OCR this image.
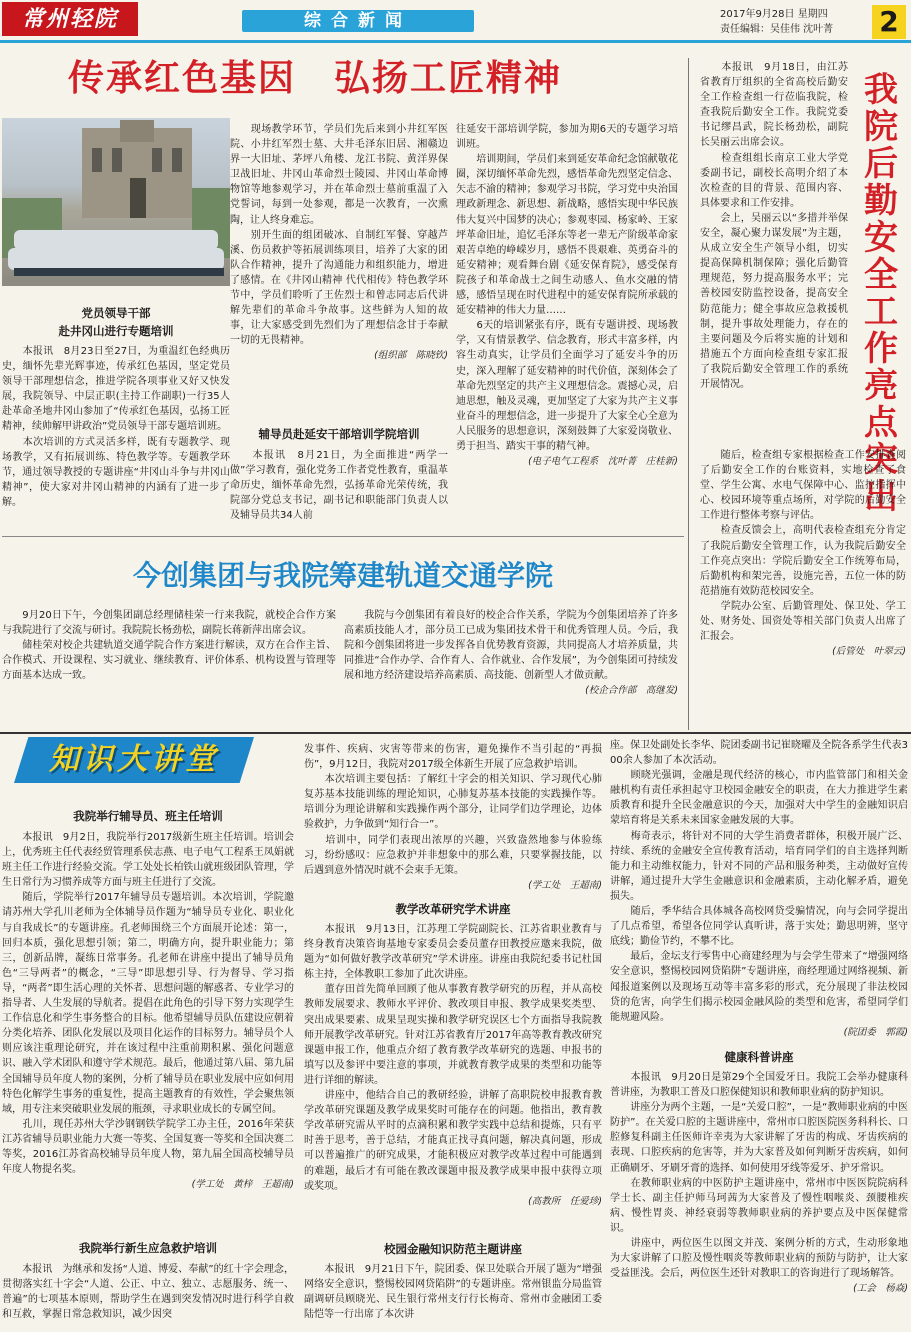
常州轻院	综合新闻	2017年9月28日 星期四
责任编辑：吴佳伟 沈叶菁 2
传承红色基因　弘扬工匠精神
党员领导干部
赴井冈山进行专题培训

　　本报讯　8月23日至27日，为重温红色经典历史，缅怀先辈光辉事迹，传承红色基因，坚定党员领导干部理想信念，推进学院各项事业又好又快发展，我院领导、中层正职(主持工作副职)一行35人赴革命圣地井冈山参加了“传承红色基因，弘扬工匠精神，续帅解甲讲政治”党员领导干部专题培训班。

　　本次培训的方式灵活多样，既有专题教学、现场教学，又有拓展训练、特色教学等。专题教学环节，通过领导教授的专题讲座“井冈山斗争与井冈山精神”，使大家对井冈山精神的内涵有了进一步了解。

　　现场教学环节，学员们先后来到小井红军医院、小井红军烈士墓、大井毛泽东旧居、湘赣边界一大旧址、茅坪八角楼、龙江书院、黄洋界保卫战旧址、井冈山革命烈士陵园、井冈山革命博物馆等地参观学习，并在革命烈士墓前重温了入党誓词，每到一处参观，都是一次教育，一次熏陶，让人终身难忘。

　　别开生面的组团破冰、自制红军餐、穿越芦溪、伤员救护等拓展训练项目，培养了大家的团队合作精神，提升了沟通能力和组织能力，增进了感情。在《井冈山精神 代代相传》特色教学环节中，学员们聆听了王佐烈士和曾志同志后代讲解先辈们的革命斗争故事。这些鲜为人知的故事，让大家感受到先烈们为了理想信念甘于奉献一切的无畏精神。

(组织部　陈晓钦)

辅导员赴延安干部培训学院培训

　　本报讯　8月21日，为全面推进“两学一做”学习教育，强化党务工作者党性教育，重温革命历史，缅怀革命先烈，弘扬革命光荣传统，我院部分党总支书记，副书记和职能部门负责人以及辅导员共34人前

往延安干部培训学院，参加为期6天的专题学习培训班。

　　培训期间，学员们来到延安革命纪念馆献敬花圈，深切缅怀革命先烈，感悟革命先烈坚定信念、矢志不渝的精神；参观学习书院，学习党中央治国理政新理念、新思想、新战略，感悟实现中华民族伟大复兴中国梦的决心；参观枣园、杨家岭、王家坪革命旧址，追忆毛泽东等老一辈无产阶级革命家艰苦卓绝的峥嵘岁月，感悟不畏艰难、英勇奋斗的延安精神；观看舞台剧《延安保育院》，感受保育院孩子和革命战士之间生动感人、鱼水交融的情感，感悟呈现在时代进程中的延安保育院所承载的延安精神的伟大力量……

　　6天的培训紧张有序，既有专题讲授、现场教学，又有情景教学、信念教育，形式丰富多样，内容生动真实，让学员们全面学习了延安斗争的历史，深入理解了延安精神的时代价值，深刻体会了革命先烈坚定的共产主义理想信念。震撼心灵，启迪思想，触及灵魂，更加坚定了大家为共产主义事业奋斗的理想信念，进一步提升了大家全心全意为人民服务的思想意识，深刻鼓舞了大家爱岗敬业、勇于担当、踏实干事的精气神。

(电子电气工程系　沈叶菁　庄桂新)

我院后勤安全工作亮点突出

　　本报讯　9月18日，由江苏省教育厅组织的全省高校后勤安全工作检查组一行莅临我院，检查我院后勤安全工作。我院党委书记缪昌武，院长杨劲松，副院长吴丽云出席会议。

　　检查组组长南京工业大学党委副书记，副校长高明介绍了本次检查的目的背景、范围内容、具体要求和工作安排。

　　会上，吴丽云以“多措并举保安全，凝心聚力谋发展”为主题，从成立安全生产领导小组，切实提高保障机制保障；强化后勤管理规范，努力提高服务水平；完善校园安防监控设备，提高安全防范能力；健全事故应急救援机制，提升事故处理能力，存在的主要问题及今后将实施的计划和措施五个方面向检查组专家汇报了我院后勤安全管理工作的系统开展情况。

　　随后，检查组专家根据检查工作安排查阅了后勤安全工作的台账资料，实地检查了食堂、学生公寓、水电气保障中心、监控指挥中心、校园环境等重点场所，对学院的后勤安全工作进行整体考察与评估。

　　检查反馈会上，高明代表检查组充分肯定了我院后勤安全管理工作，认为我院后勤安全工作亮点突出：学院后勤安全工作统筹布局，后勤机构和架完善，设施完善，五位一体的防范措施有效防范校园安全。

　　学院办公室、后勤管理处、保卫处、学工处、财务处、国资处等相关部门负责人出席了汇报会。

(后管处　叶翠云)

今创集团与我院筹建轨道交通学院

　　9月20日下午，今创集团副总经理储桂荣一行来我院，就校企合作方案与我院进行了交流与研讨。我院院长杨劲松，副院长蒋新萍出席会议。

　　储桂荣对校企共建轨道交通学院合作方案进行解读，双方在合作主旨、合作模式、开设课程、实习就业、继续教育、评价体系、机构设置与管理等方面基本达成一致。

　　我院与今创集团有着良好的校企合作关系，学院为今创集团培养了许多高素质技能人才，部分员工已成为集团技术骨干和优秀管理人员。今后，我院和今创集团将进一步发挥各自优势教育资源，共同提高人才培养质量，共同推进“合作办学、合作育人、合作就业、合作发展”，为今创集团可持续发展和地方经济建设培养高素质、高技能、创新型人才做贡献。

(校企合作部　高继发)

知识大讲堂
我院举行辅导员、班主任培训

　　本报讯　9月2日，我院举行2017级新生班主任培训。培训会上，优秀班主任代表经贸管理系侯志燕、电子电气工程系王凤娟就班主任工作进行经验交流。学工处处长柏铁山就班级团队管理，学生日常行为习惯养成等方面与班主任进行了交流。

　　随后，学院举行2017年辅导员专题培训。本次培训，学院邀请苏州大学孔川老师为全体辅导员作题为“辅导员专业化、职业化与自我成长”的专题讲座。孔老师围绕三个方面展开论述：第一，回归本质，强化思想引领；第二，明确方向，提升职业能力；第三，创新品牌，凝练日常事务。孔老师在讲座中提出了辅导员角色“三导两者”的概念，“三导”即思想引导、行为督导、学习指导，“两者”即生活心理的关怀者、思想问题的解惑者、专业学习的指导者、人生发展的导航者。提倡在此角色的引导下努力实现学生工作信息化和学生事务整合的目标。他希望辅导员队伍建设应朝着分类化培养、团队化发展以及项目化运作的目标努力。辅导员个人则应该注重理论研究，并在该过程中注重前期积累、强化问题意识、融入学术团队和遵守学术规范。最后，他通过第八届、第九届全国辅导员年度人物的案例，分析了辅导员在职业发展中应如何用特色化解学生事务的重复性，提高主题教育的有效性，学会聚焦领域，用专注来突破职业发展的瓶颈，寻求职业成长的专属空间。

　　孔川，现任苏州大学沙钢钢铁学院学工办主任，2016年荣获江苏省辅导员职业能力大赛一等奖、全国复赛一等奖和全国决赛二等奖，2016江苏省高校辅导员年度人物，第九届全国高校辅导员年度人物提名奖。

(学工处　黄梓　王超南)

我院举行新生应急救护培训

　　本报讯　为继承和发扬“人道、博爱、奉献”的红十字会理念，贯彻落实红十字会“人道、公正、中立、独立、志愿服务、统一、普遍”的七项基本原则，帮助学生在遇到突发情况时进行科学自救和互救，掌握日常急救知识，减少因突

发事件、疾病、灾害等带来的伤害，避免操作不当引起的“再损伤”，9月12日，我院对2017级全体新生开展了应急救护培训。

　　本次培训主要包括：了解红十字会的相关知识、学习现代心肺复苏基本技能训练的理论知识，心肺复苏基本技能的实践操作等。培训分为理论讲解和实践操作两个部分，让同学们边学理论，边体验救护，力争做到“知行合一”。

　　培训中，同学们表现出浓厚的兴趣，兴致盎然地参与体验练习，纷纷感叹：应急救护并非想象中的那么难，只要掌握技能，以后遇到意外情况时就不会束手无策。

(学工处　王超南)

教学改革研究学术讲座

　　本报讯　9月13日，江苏理工学院副院长、江苏省职业教育与终身教育决策咨询基地专家委员会委员董存田教授应邀来我院，做题为“如何做好教学改革研究”学术讲座。讲座由我院纪委书记杜国栋主持，全体教职工参加了此次讲座。

　　董存田首先简单回顾了他从事教育教学研究的历程，并从高校教师发展要求、教师水平评价、教改项目申报、教学成果奖类型、突出成果要素、成果呈现实操和教学研究误区七个方面指导我院教师开展教学改革研究。针对江苏省教育厅2017年高等教育教改研究课题申报工作，他重点介绍了教育教学改革研究的选题、申报书的填写以及参评中要注意的事项，并就教育教学成果的类型和功能等进行详细的解读。

　　讲座中，他结合自己的教研经验，讲解了高职院校申报教育教学改革研究课题及教学成果奖时可能存在的问题。他指出，教育教学改革研究需从平时的点滴积累和教学实践中总结和提炼，只有平时善于思考，善于总结，才能真正找寻真问题，解决真问题，形成可以普遍推广的研究成果，才能积极应对教学改革过程中可能遇到的难题，最后才有可能在教改课题申报及教学成果申报中获得立项或奖项。

(高教所　任爱珍)

校园金融知识防范主题讲座

　　本报讯　9月21日下午，院团委、保卫处联合开展了题为“增强网络安全意识，整惕校园网贷陷阱”的专题讲座。常州银监分局监管副调研员顾晓光、民生银行常州支行行长梅奇、常州市金融团工委陆恺等一行出席了本次讲

座。保卫处副处长李华、院团委副书记崔晓曜及全院各系学生代表300余人参加了本次活动。

　　顾晓光强调，金融是现代经济的核心，市内监管部门和相关金融机构有责任承担起守卫校园金融安全的职责，在大力推进学生素质教育和提升全民金融意识的今天，加强对大中学生的金融知识启蒙培育将是关系未来国家金融发展的大事。

　　梅奇表示，将针对不同的大学生消费者群体，积极开展广泛、持续、系统的金融安全宣传教育活动，培育同学们的自主选择判断能力和主动维权能力，针对不同的产品和服务种类，主动做好宣传讲解，通过提升大学生金融意识和金融素质，主动化解矛盾，避免损失。

　　随后，季华结合具体城各高校网贷受骗情况，向与会同学提出了几点希望，希望各位同学认真听讲，落于实处；勤思明辨，坚守底线；勤俭节约，不攀不比。

　　最后，金坛支行零售中心商建经理为与会学生带来了“增强网络安全意识，整惕校园网贷陷阱”专题讲座，商经理通过网络视频、新闻报道案例以及现场互动等丰富多彩的形式，充分展现了非法校园贷的危害，向学生们揭示校园金融风险的类型和危害，希望同学们能规避风险。

(院团委　郭霞)

健康科普讲座

　　本报讯　9月20日是第29个全国爱牙日。我院工会举办健康科普讲座，为教职工普及口腔保健知识和教师职业病的防护知识。

　　讲座分为两个主题，一是“关爱口腔”，一是“教师职业病的中医防护”。在关爱口腔的主题讲座中，常州市口腔医院医务科科长、口腔修复科副主任医师许幸夷为大家讲解了牙齿的构成、牙齿疾病的表现、口腔疾病的危害等，并为大家普及如何判断牙齿疾病，如何正确刷牙、牙刷牙膏的选择、如何使用牙线等爱牙、护牙常识。

　　在教师职业病的中医防护主题讲座中，常州市中医医院院病科学士长、副主任护师马珂茜为大家普及了慢性咽喉炎、颈腰椎疾病、慢性胃炎、神经衰弱等教师职业病的养护要点及中医保健常识。

　　讲座中，两位医生以图文并茂、案例分析的方式，生动形象地为大家讲解了口腔及慢性咽炎等教师职业病的预防与防护，让大家受益匪浅。会后，两位医生还针对教职工的咨询进行了现场解答。

(工会　杨焱)
